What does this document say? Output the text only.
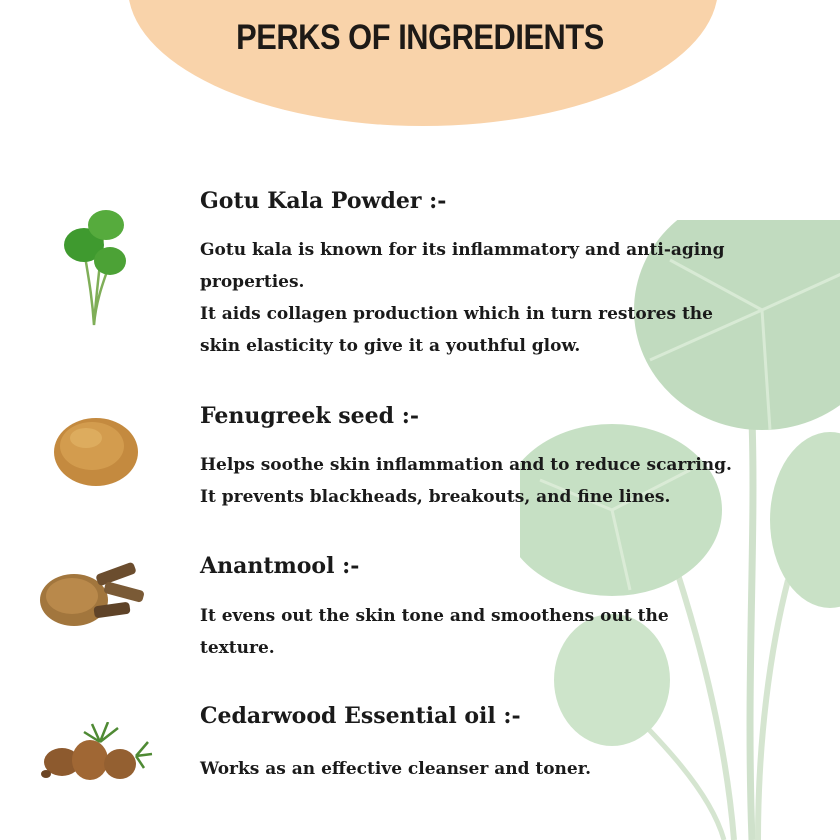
PERKS OF INGREDIENTS
Gotu Kala Powder :-
Gotu kala is known for its inflammatory and anti-aging
properties.
It aids collagen production which in turn restores the
skin elasticity to give it a youthful glow.
Fenugreek seed :-
Helps soothe skin inflammation and to reduce scarring.
It prevents blackheads, breakouts, and fine lines.
Anantmool :-
It evens out the skin tone and smoothens out the
texture.
Cedarwood Essential oil :-
Works as an effective cleanser and toner.
